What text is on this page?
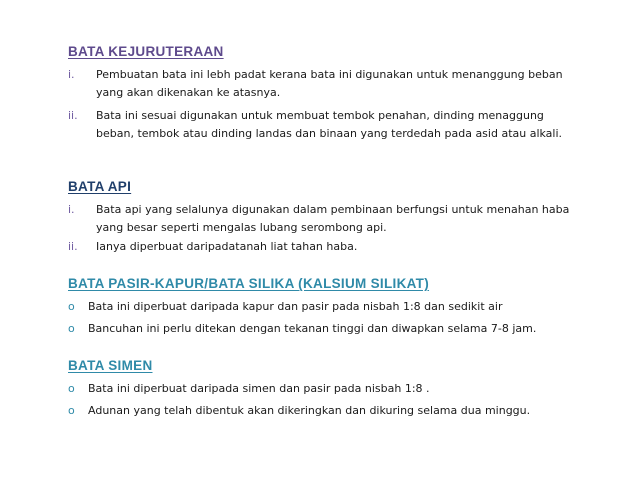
BATA KEJURUTERAAN
i. Pembuatan bata ini lebh padat kerana bata ini digunakan untuk menanggung beban yang akan dikenakan ke atasnya.
ii. Bata ini sesuai digunakan untuk membuat tembok penahan, dinding menaggung beban, tembok atau dinding landas dan binaan yang terdedah pada asid atau alkali.
BATA API
i. Bata api yang selalunya digunakan dalam pembinaan berfungsi untuk menahan haba yang besar seperti mengalas lubang serombong api.
ii. Ianya diperbuat daripadatanah liat tahan haba.
BATA PASIR-KAPUR/BATA SILIKA (KALSIUM SILIKAT)
o Bata ini diperbuat daripada kapur dan pasir pada nisbah 1:8 dan sedikit air
o Bancuhan ini perlu ditekan dengan tekanan tinggi dan diwapkan selama 7-8 jam.
BATA SIMEN
o Bata ini diperbuat daripada simen dan pasir pada nisbah 1:8 .
o Adunan yang telah dibentuk akan dikeringkan dan dikuring selama dua minggu.
